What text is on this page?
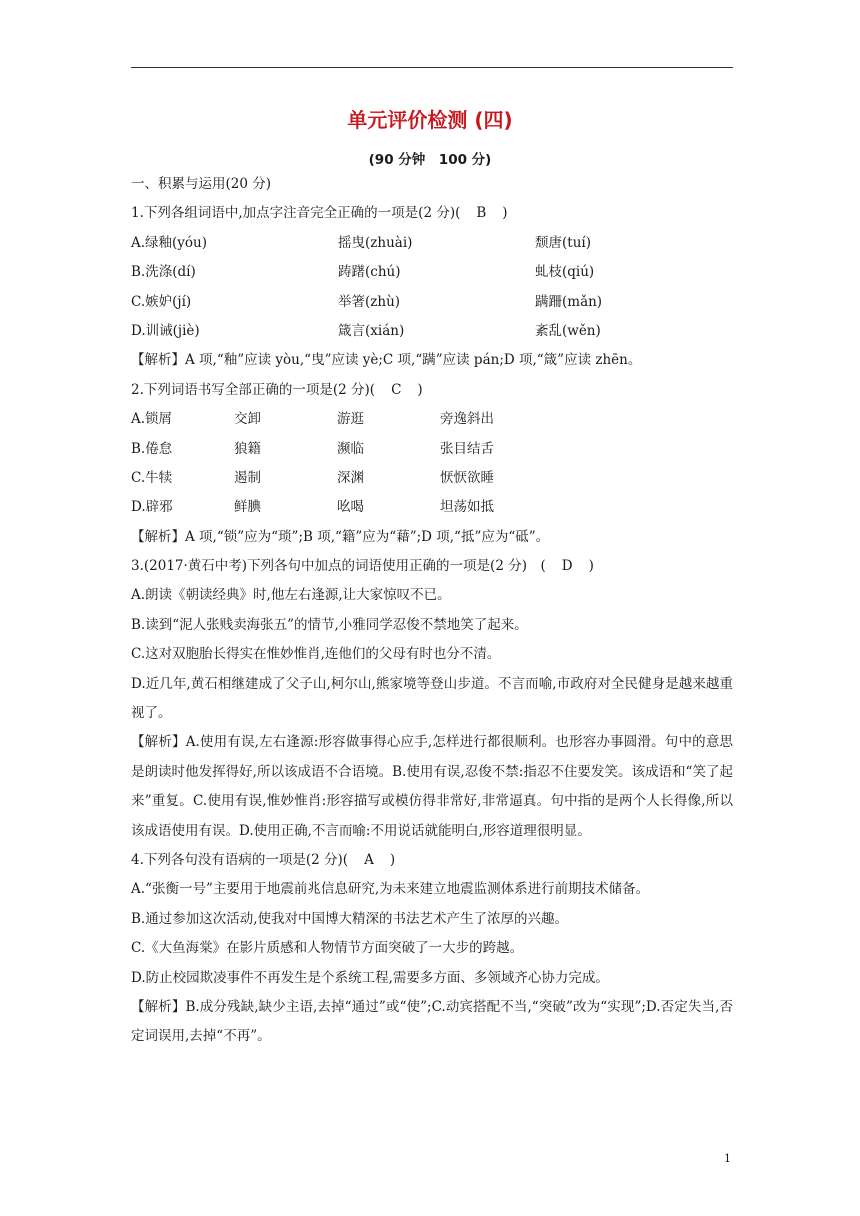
单元评价检测 (四)
(90 分钟　100 分)
一、积累与运用(20 分)
1.下列各组词语中,加点字注音完全正确的一项是(2 分)( B )
A.绿釉(yóu)	摇曳(zhuài)	颓唐(tuí)
B.洗涤(dí)	踌躇(chú)	虬枝(qiú)
C.嫉妒(jí)	举箸(zhù)	蹒跚(mǎn)
D.训诫(jiè)	箴言(xián)	紊乱(wěn)
【解析】A 项,“釉”应读 yòu,“曳”应读 yè;C 项,“蹒”应读 pán;D 项,“箴”应读 zhēn。
2.下列词语书写全部正确的一项是(2 分)( C )
A.锁屑	交卸	游逛	旁逸斜出
B.倦怠	狼籍	濒临	张目结舌
C.牛犊	遏制	深渊	恹恹欲睡
D.辟邪	鲜腆	吆喝	坦荡如抵
【解析】A 项,“锁”应为“琐”;B 项,“籍”应为“藉”;D 项,“抵”应为“砥”。
3.(2017·黄石中考)下列各句中加点的词语使用正确的一项是(2 分)　( D )
A.朗读《朝读经典》时,他左右逢源,让大家惊叹不已。
B.读到“泥人张贱卖海张五”的情节,小雅同学忍俊不禁地笑了起来。
C.这对双胞胎长得实在惟妙惟肖,连他们的父母有时也分不清。
D.近几年,黄石相继建成了父子山,柯尔山,熊家境等登山步道。不言而喻,市政府对全民健身是越来越重视了。
【解析】A.使用有误,左右逢源:形容做事得心应手,怎样进行都很顺利。也形容办事圆滑。句中的意思是朗读时他发挥得好,所以该成语不合语境。B.使用有误,忍俊不禁:指忍不住要发笑。该成语和“笑了起来”重复。C.使用有误,惟妙惟肖:形容描写或模仿得非常好,非常逼真。句中指的是两个人长得像,所以该成语使用有误。D.使用正确,不言而喻:不用说话就能明白,形容道理很明显。
4.下列各句没有语病的一项是(2 分)( A )
A.“张衡一号”主要用于地震前兆信息研究,为未来建立地震监测体系进行前期技术储备。
B.通过参加这次活动,使我对中国博大精深的书法艺术产生了浓厚的兴趣。
C.《大鱼海棠》在影片质感和人物情节方面突破了一大步的跨越。
D.防止校园欺凌事件不再发生是个系统工程,需要多方面、多领域齐心协力完成。
【解析】B.成分残缺,缺少主语,去掉“通过”或“使”;C.动宾搭配不当,“突破”改为“实现”;D.否定失当,否定词误用,去掉“不再”。
1
